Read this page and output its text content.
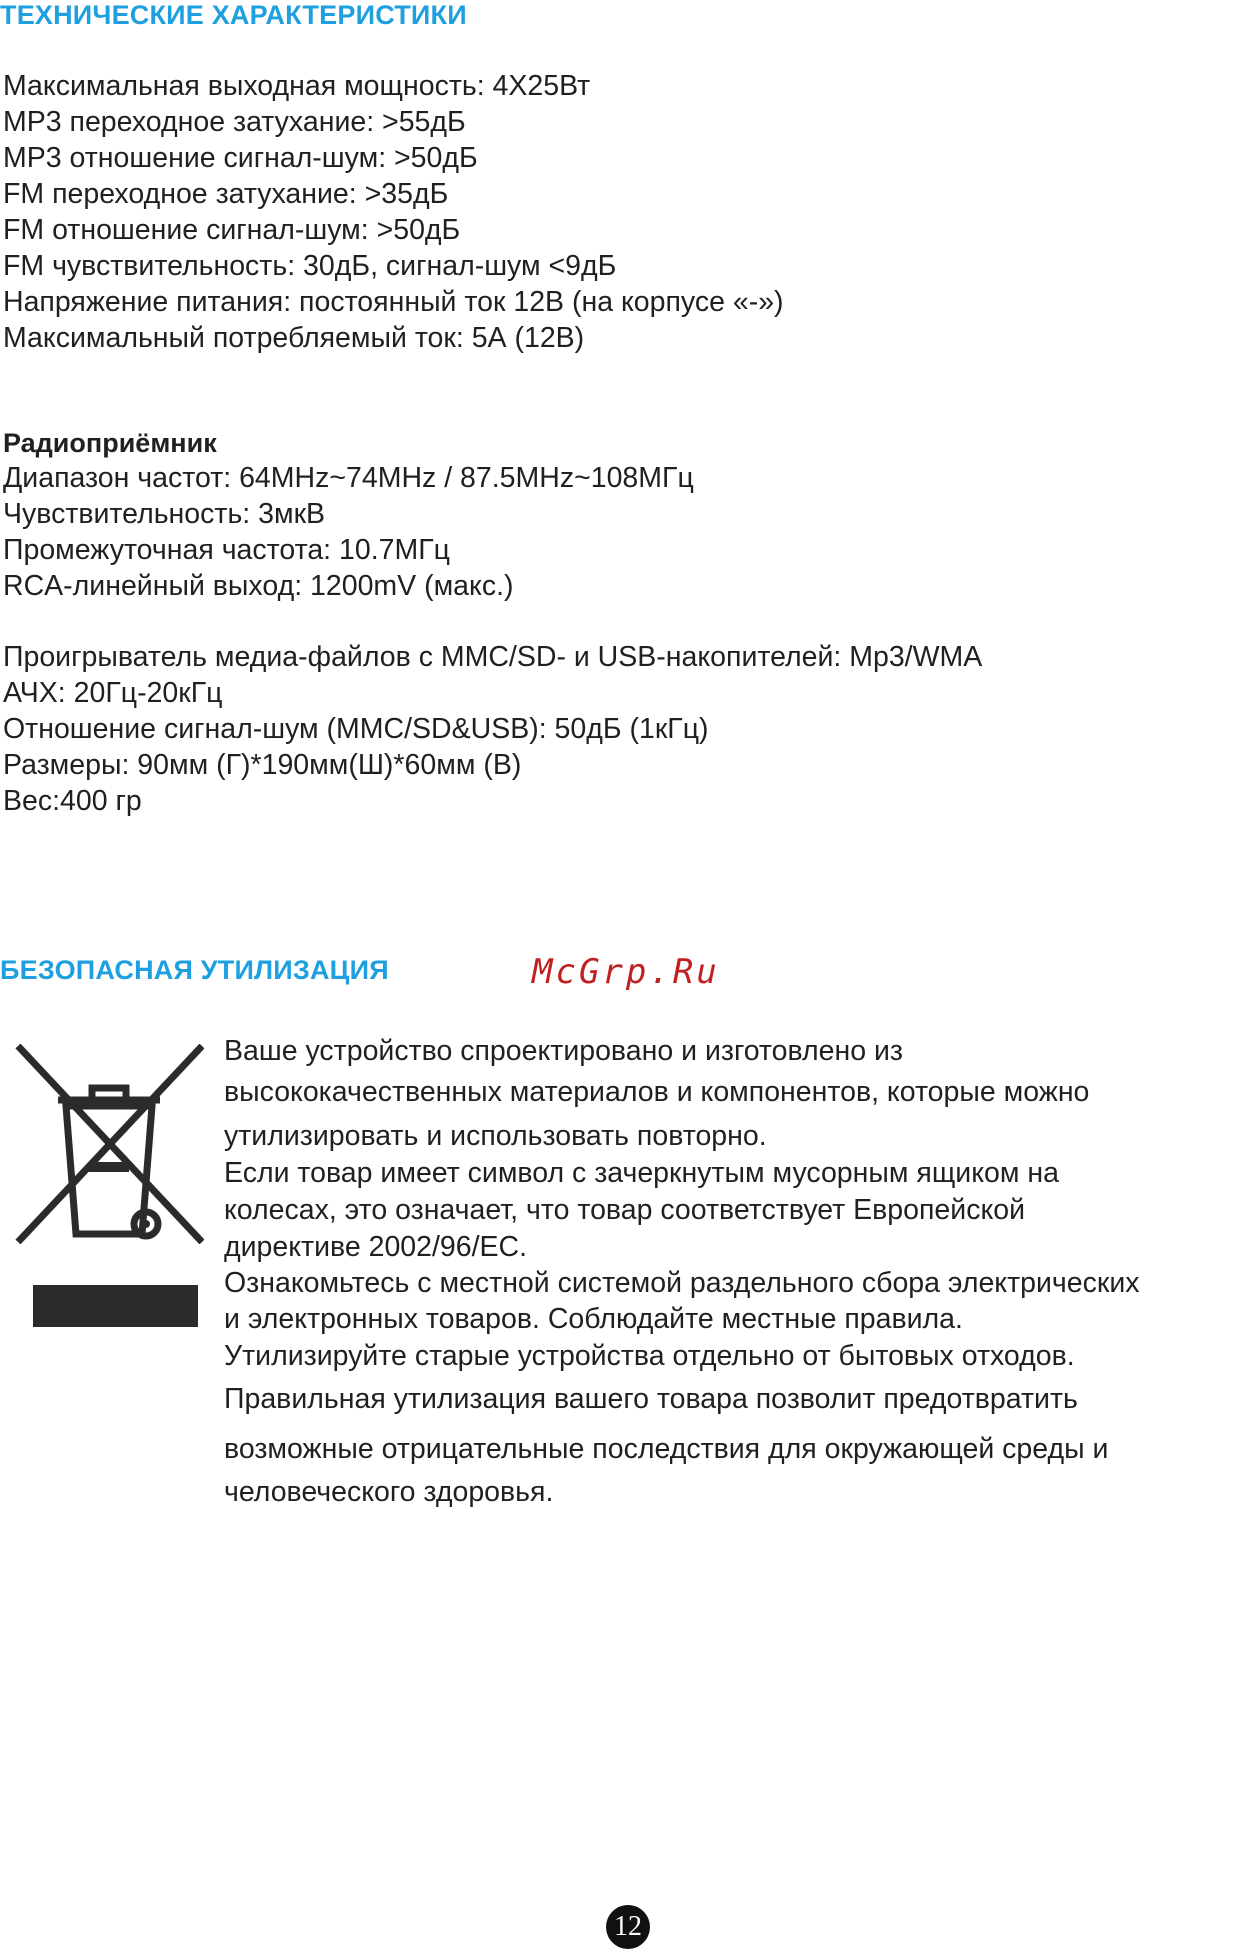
ТЕХНИЧЕСКИЕ ХАРАКТЕРИСТИКИ

Максимальная выходная мощность: 4Х25Вт

MP3 переходное затухание: >55дБ

MP3 отношение сигнал-шум: >50дБ

FM переходное затухание: >35дБ

FM отношение сигнал-шум: >50дБ

FM чувствительность: 30дБ, сигнал-шум <9дБ

Напряжение питания: постоянный ток 12В (на корпусе «-»)

Максимальный потребляемый ток: 5А (12В)

Радиоприёмник

Диапазон частот: 64MHz~74MHz / 87.5MHz~108МГц

Чувствительность: 3мкВ

Промежуточная частота: 10.7МГц

RCA-линейный выход: 1200mV (макс.)

Проигрыватель медиа-файлов с MMC/SD- и USB-накопителей: Mp3/WMA

АЧХ: 20Гц-20кГц

Отношение сигнал-шум (MMC/SD&USB): 50дБ (1кГц)

Размеры: 90мм (Г)*190мм(Ш)*60мм (В)

Вес:400 гр

БЕЗОПАСНАЯ УТИЛИЗАЦИЯ	McGrp.Ru

Ваше устройство спроектировано и изготовлено из

высококачественных материалов и компонентов, которые можно

утилизировать и использовать повторно.

Если товар имеет символ с зачеркнутым мусорным ящиком на

колесах, это означает, что товар соответствует Европейской

директиве 2002/96/ЕС.

Ознакомьтесь с местной системой раздельного сбора электрических

и электронных товаров. Соблюдайте местные правила.

Утилизируйте старые устройства отдельно от бытовых отходов.

Правильная утилизация вашего товара позволит предотвратить

возможные отрицательные последствия для окружающей среды и

человеческого здоровья.

12
